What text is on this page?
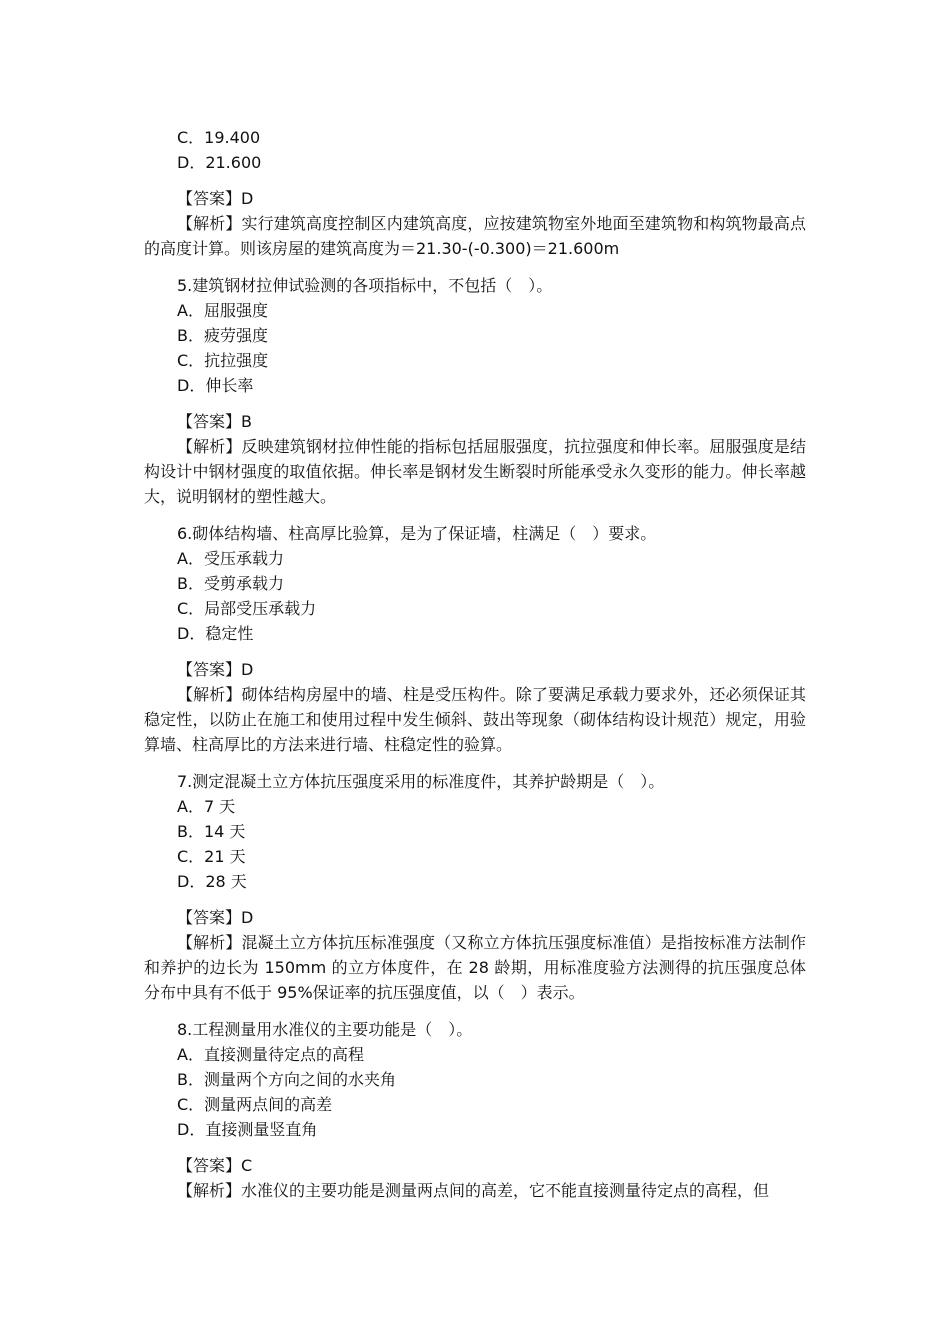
C．19.400
D．21.600
【答案】D
【解析】实行建筑高度控制区内建筑高度，应按建筑物室外地面至建筑物和构筑物最高点的高度计算。则该房屋的建筑高度为＝21.30-(-0.300)＝21.600m
5.建筑钢材拉伸试验测的各项指标中，不包括（　）。
A．屈服强度
B．疲劳强度
C．抗拉强度
D．伸长率
【答案】B
【解析】反映建筑钢材拉伸性能的指标包括屈服强度，抗拉强度和伸长率。屈服强度是结构设计中钢材强度的取值依据。伸长率是钢材发生断裂时所能承受永久变形的能力。伸长率越大，说明钢材的塑性越大。
6.砌体结构墙、柱高厚比验算，是为了保证墙，柱满足（　）要求。
A．受压承载力
B．受剪承载力
C．局部受压承载力
D．稳定性
【答案】D
【解析】砌体结构房屋中的墙、柱是受压构件。除了要满足承载力要求外，还必须保证其稳定性，以防止在施工和使用过程中发生倾斜、鼓出等现象（砌体结构设计规范）规定，用验算墙、柱高厚比的方法来进行墙、柱稳定性的验算。
7.测定混凝土立方体抗压强度采用的标准度件，其养护龄期是（　）。
A．7 天
B．14 天
C．21 天
D．28 天
【答案】D
【解析】混凝土立方体抗压标准强度（又称立方体抗压强度标准值）是指按标准方法制作和养护的边长为 150mm 的立方体度件，在 28 龄期，用标准度验方法测得的抗压强度总体分布中具有不低于 95%保证率的抗压强度值，以（　）表示。
8.工程测量用水准仪的主要功能是（　）。
A．直接测量待定点的高程
B．测量两个方向之间的水夹角
C．测量两点间的高差
D．直接测量竖直角
【答案】C
【解析】水准仪的主要功能是测量两点间的高差，它不能直接测量待定点的高程，但
